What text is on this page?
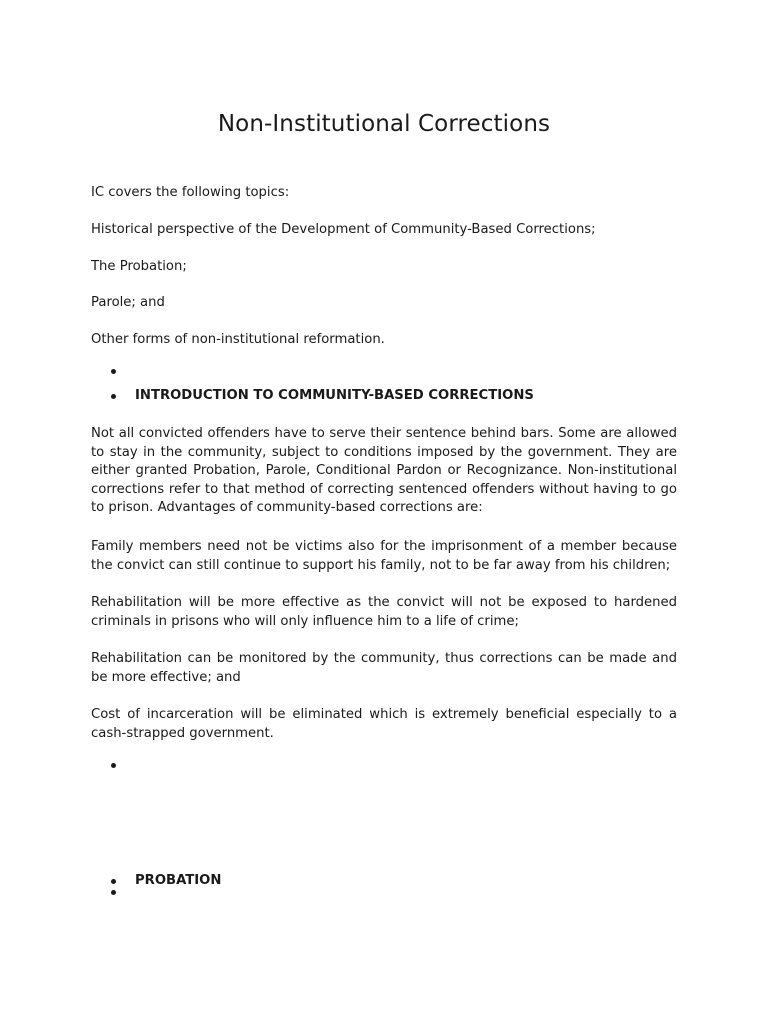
Non-Institutional Corrections

IC covers the following topics:

Historical perspective of the Development of Community-Based Corrections;

The Probation;

Parole; and

Other forms of non-institutional reformation.

INTRODUCTION TO COMMUNITY-BASED CORRECTIONS

Not all convicted offenders have to serve their sentence behind bars. Some are allowed to stay in the community, subject to conditions imposed by the government. They are either granted Probation, Parole, Conditional Pardon or Recognizance. Non-institutional corrections refer to that method of correcting sentenced offenders without having to go to prison. Advantages of community-based corrections are:

Family members need not be victims also for the imprisonment of a member because the convict can still continue to support his family, not to be far away from his children;

Rehabilitation will be more effective as the convict will not be exposed to hardened criminals in prisons who will only influence him to a life of crime;

Rehabilitation can be monitored by the community, thus corrections can be made and be more effective; and

Cost of incarceration will be eliminated which is extremely beneficial especially to a cash-strapped government.

PROBATION
